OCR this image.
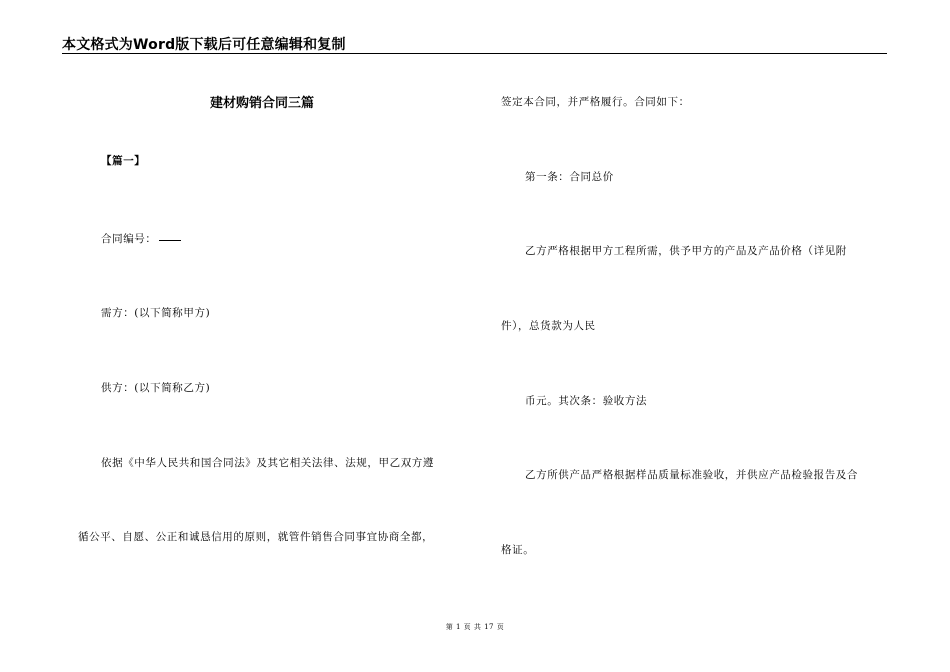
本文格式为Word版下载后可任意编辑和复制
建材购销合同三篇
【篇一】
合同编号：
需方：(以下简称甲方)
供方：(以下简称乙方)
依据《中华人民共和国合同法》及其它相关法律、法规，甲乙双方遵
循公平、自愿、公正和诚恳信用的原则，就管件销售合同事宜协商全都，
签定本合同，并严格履行。合同如下：
第一条：合同总价
乙方严格根据甲方工程所需，供予甲方的产品及产品价格（详见附
件），总货款为人民
币元。其次条：验收方法
乙方所供产品严格根据样品质量标准验收，并供应产品检验报告及合
格证。
第 1 页 共 17 页
